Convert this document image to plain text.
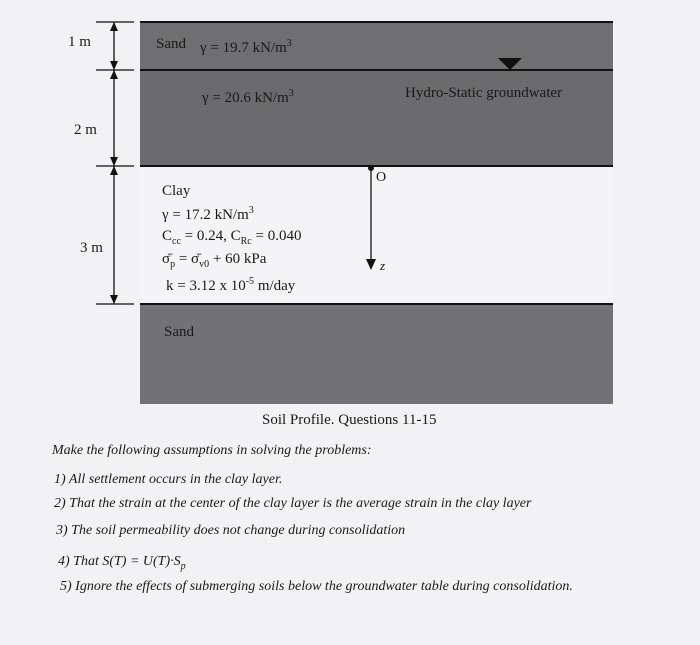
1 m
2 m
3 m
Sand γ = 19.7 $kN/m^3$
γ = 20.6 $kN/m^3$	Hydro-Static groundwater
O
z
Clay
γ = 17.2 $kN/m^3$
$C_{cc} = 0.24$, $C_{Rc} = 0.040$
$\sigmā_p$ = $\sigmā_{v0} + 60$ kPa
k = 3.12 x $10^{-5}$ m/day
Sand
Soil Profile. Questions 11-15
Make the following assumptions in solving the problems:
1) All settlement occurs in the clay layer.
2) That the strain at the center of the clay layer is the average strain in the clay layer
3) The soil permeability does not change during consolidation
4) That $S(T) = U(T)\cdot S_p$
5) Ignore the effects of submerging soils below the groundwater table during consolidation.
